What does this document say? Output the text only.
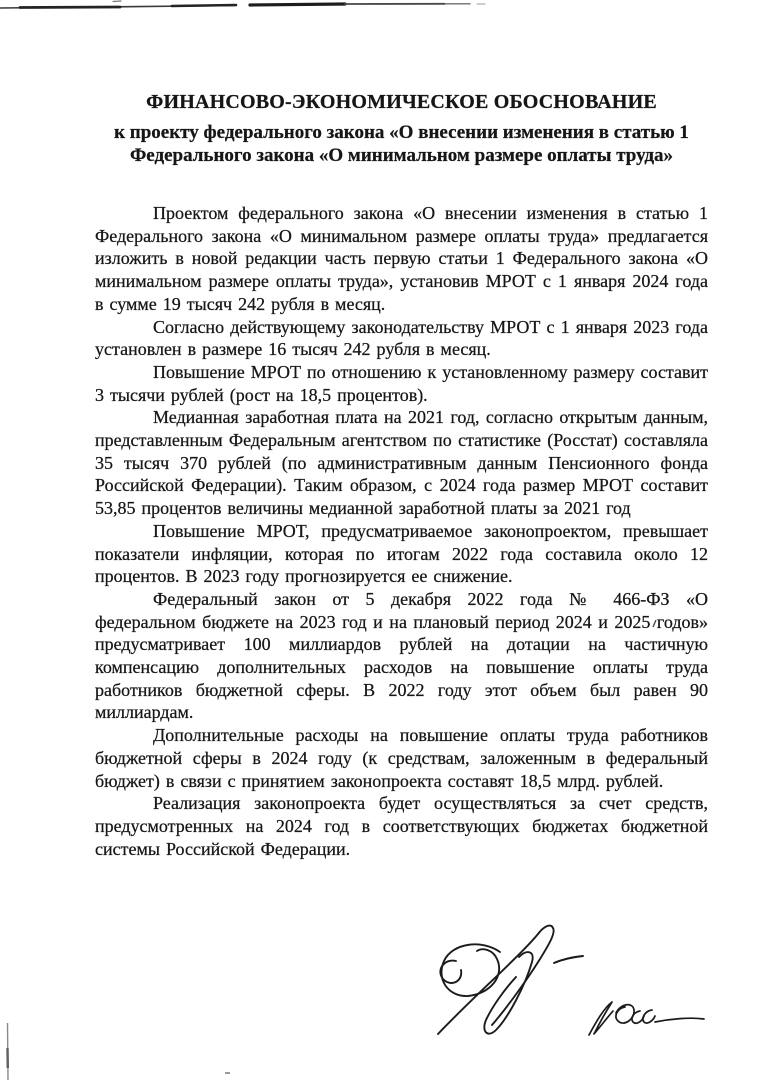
ФИНАНСОВО-ЭКОНОМИЧЕСКОЕ ОБОСНОВАНИЕ
к проекту федерального закона «О внесении изменения в статью 1
Федерального закона «О минимальном размере оплаты труда»

Проектом федерального закона «О внесении изменения в статью 1 Федерального закона «О минимальном размере оплаты труда» предлагается изложить в новой редакции часть первую статьи 1 Федерального закона «О минимальном размере оплаты труда», установив МРОТ с 1 января 2024 года в сумме 19 тысяч 242 рубля в месяц.

Согласно действующему законодательству МРОТ с 1 января 2023 года установлен в размере 16 тысяч 242 рубля в месяц.

Повышение МРОТ по отношению к установленному размеру составит 3 тысячи рублей (рост на 18,5 процентов).

Медианная заработная плата на 2021 год, согласно открытым данным, представленным Федеральным агентством по статистике (Росстат) составляла 35 тысяч 370 рублей (по административным данным Пенсионного фонда Российской Федерации). Таким образом, с 2024 года размер МРОТ составит 53,85 процентов величины медианной заработной платы за 2021 год

Повышение МРОТ, предусматриваемое законопроектом, превышает показатели инфляции, которая по итогам 2022 года составила около 12 процентов. В 2023 году прогнозируется ее снижение.

Федеральный закон от 5 декабря 2022 года № 466-ФЗ «О федеральном бюджете на 2023 год и на плановый период 2024 и 2025 годов» предусматривает 100 миллиардов рублей на дотации на частичную компенсацию дополнительных расходов на повышение оплаты труда работников бюджетной сферы. В 2022 году этот объем был равен 90 миллиардам.

Дополнительные расходы на повышение оплаты труда работников бюджетной сферы в 2024 году (к средствам, заложенным в федеральный бюджет) в связи с принятием законопроекта составят 18,5 млрд. рублей.

Реализация законопроекта будет осуществляться за счет средств, предусмотренных на 2024 год в соответствующих бюджетах бюджетной системы Российской Федерации.
